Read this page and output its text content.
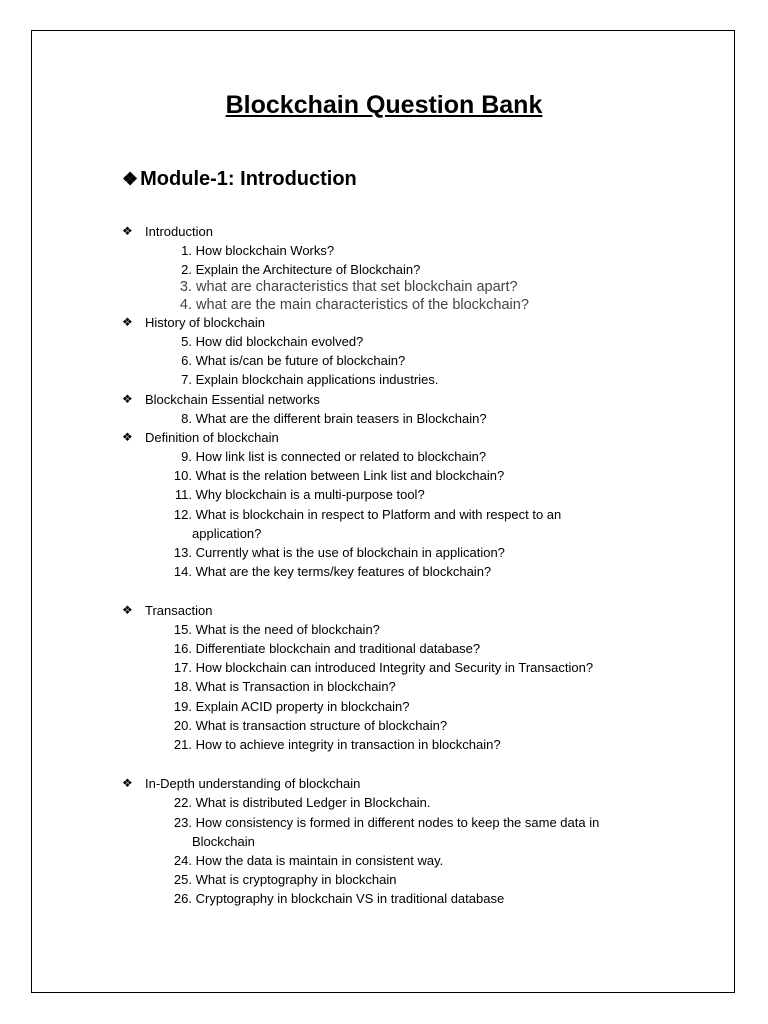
Blockchain Question Bank
❖ Module-1: Introduction
❖ Introduction
1. How blockchain Works?
2. Explain the Architecture of Blockchain?
3. what are characteristics that set blockchain apart?
4. what are the main characteristics of the blockchain?
❖ History of blockchain
5. How did blockchain evolved?
6. What is/can be future of blockchain?
7. Explain blockchain applications industries.
❖ Blockchain Essential networks
8. What are the different brain teasers in Blockchain?
❖ Definition of blockchain
9. How link list is connected or related to blockchain?
10. What is the relation between Link list and blockchain?
11. Why blockchain is a multi-purpose tool?
12. What is blockchain in respect to Platform and with respect to an
application?
13. Currently what is the use of blockchain in application?
14. What are the key terms/key features of blockchain?
❖ Transaction
15. What is the need of blockchain?
16. Differentiate blockchain and traditional database?
17. How blockchain can introduced Integrity and Security in Transaction?
18. What is Transaction in blockchain?
19. Explain ACID property in blockchain?
20. What is transaction structure of blockchain?
21. How to achieve integrity in transaction in blockchain?
❖ In-Depth understanding of blockchain
22. What is distributed Ledger in Blockchain.
23. How consistency is formed in different nodes to keep the same data in
Blockchain
24. How the data is maintain in consistent way.
25. What is cryptography in blockchain
26. Cryptography in blockchain VS in traditional database
